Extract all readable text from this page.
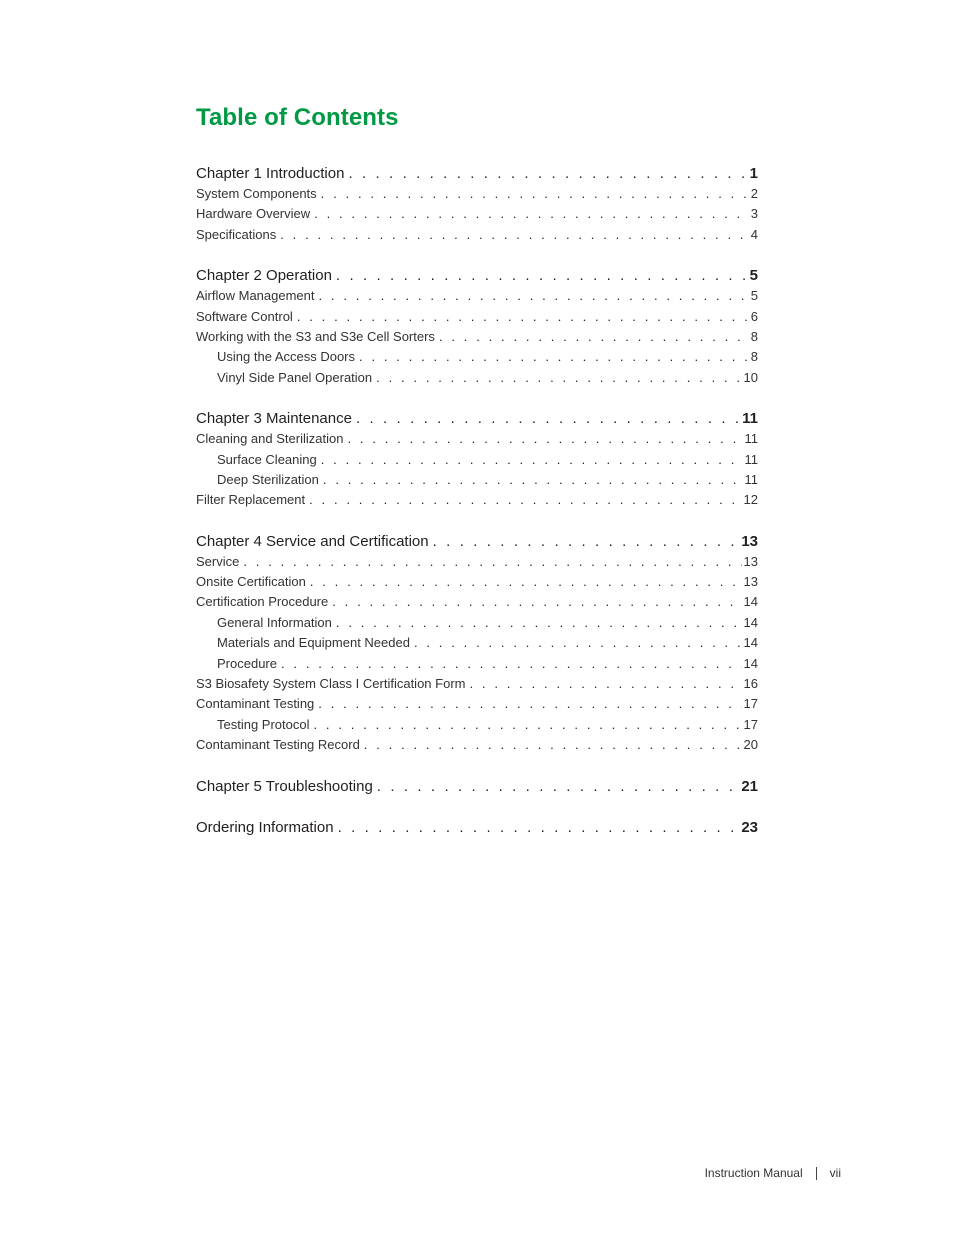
Table of Contents
Chapter 1 Introduction . . .	1
System Components . . .	2
Hardware Overview . . .	3
Specifications . . .	4
Chapter 2 Operation . . .	5
Airflow Management . . .	5
Software Control . . .	6
Working with the S3 and S3e Cell Sorters . . .	8
Using the Access Doors . . .	8
Vinyl Side Panel Operation . . .	10
Chapter 3 Maintenance . . .	11
Cleaning and Sterilization . . .	11
Surface Cleaning . . .	11
Deep Sterilization . . .	11
Filter Replacement . . .	12
Chapter 4 Service and Certification . . .	13
Service . . .	13
Onsite Certification . . .	13
Certification Procedure . . .	14
General Information . . .	14
Materials and Equipment Needed . . .	14
Procedure . . .	14
S3 Biosafety System Class I Certification Form . . .	16
Contaminant Testing . . .	17
Testing Protocol . . .	17
Contaminant Testing Record . . .	20
Chapter 5 Troubleshooting . . .	21
Ordering Information . . .	23
Instruction Manual vii
